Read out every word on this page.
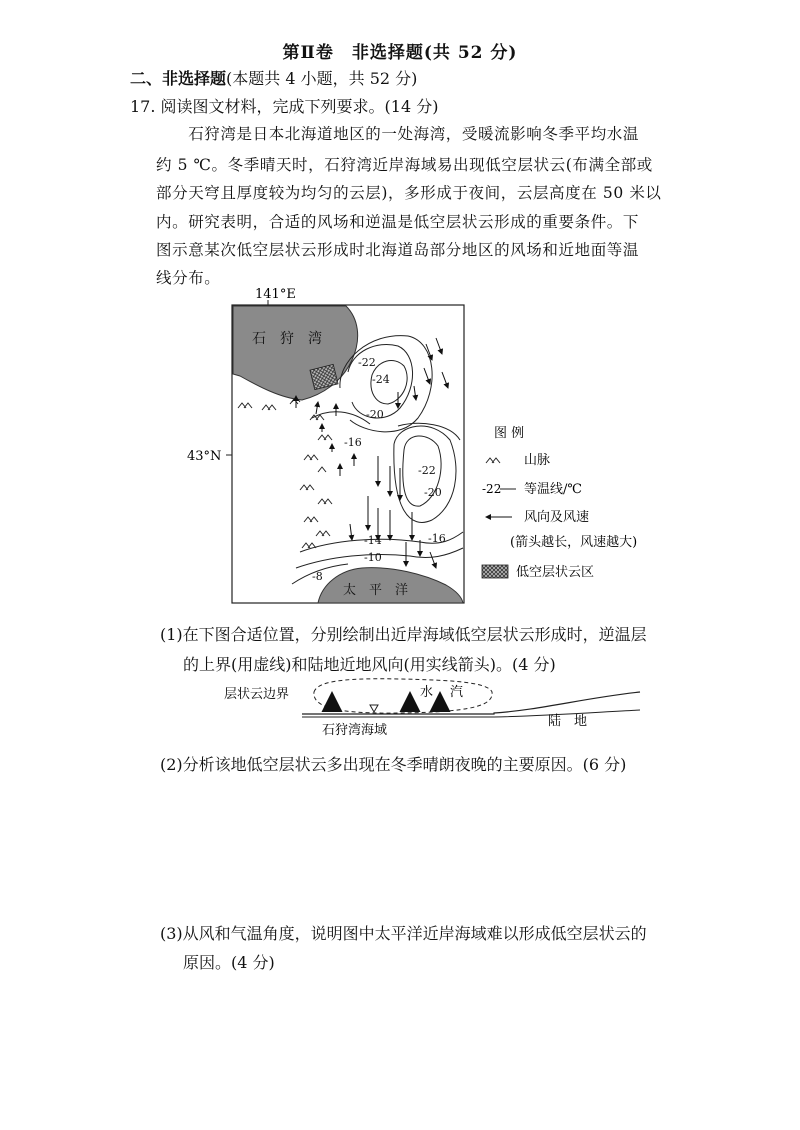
第Ⅱ卷　非选择题(共 52 分)
二、非选择题(本题共 4 小题，共 52 分)
17. 阅读图文材料，完成下列要求。(14 分)
　　石狩湾是日本北海道地区的一处海湾，受暖流影响冬季平均水温
约 5 ℃。冬季晴天时，石狩湾近岸海域易出现低空层状云(布满全部或
部分天穹且厚度较为均匀的云层)，多形成于夜间，云层高度在 50 米以
内。研究表明，合适的风场和逆温是低空层状云形成的重要条件。下
图示意某次低空层状云形成时北海道岛部分地区的风场和近地面等温
线分布。
141°E
43°N
石　狩　湾
太　平　洋
-22
-24
-20
-16
-22
-20
-14	-16
-10
-8
图 例
山脉
-22 等温线/℃
风向及风速
(箭头越长，风速越大)
低空层状云区
(1)在下图合适位置，分别绘制出近岸海域低空层状云形成时，逆温层
的上界(用虚线)和陆地近地风向(用实线箭头)。(4 分)
层状云边界	水 汽
石狩湾海域
陆　地
(2)分析该地低空层状云多出现在冬季晴朗夜晚的主要原因。(6 分)
(3)从风和气温角度，说明图中太平洋近岸海域难以形成低空层状云的
原因。(4 分)
